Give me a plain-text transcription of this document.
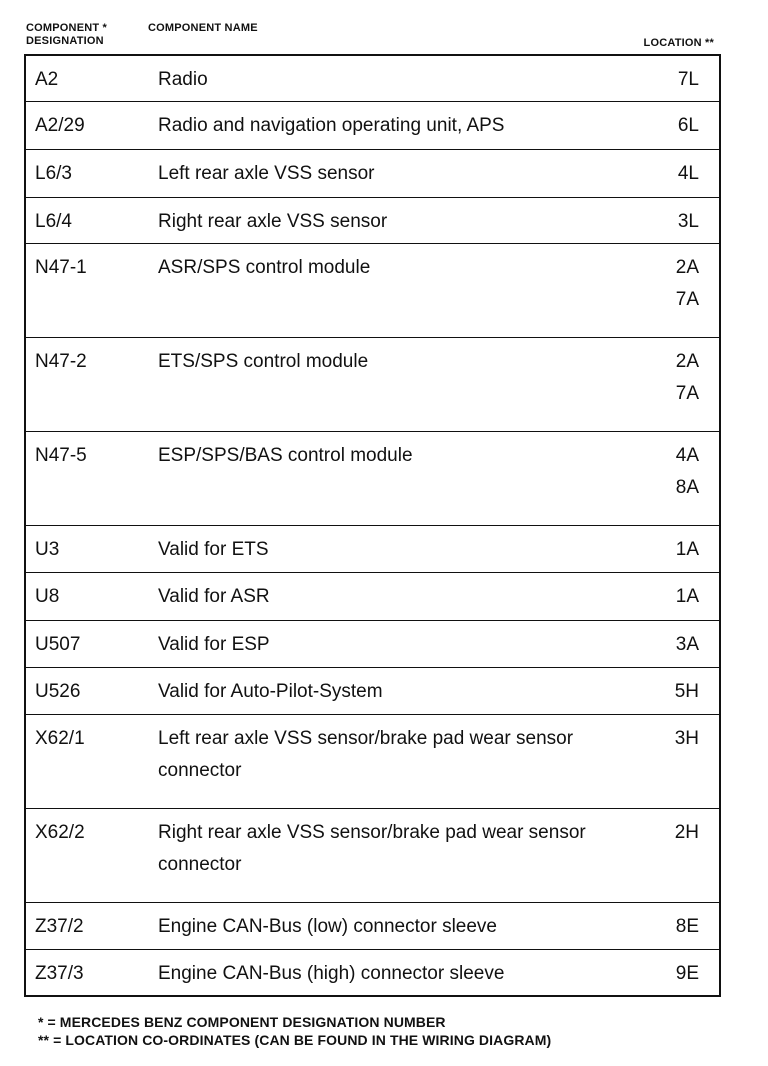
COMPONENT * DESIGNATION
COMPONENT NAME
LOCATION **
A2	Radio	7L

A2/29	Radio and navigation operating unit, APS	6L

L6/3	Left rear axle VSS sensor	4L

L6/4	Right rear axle VSS sensor	3L

N47-1	ASR/SPS control module	2A
7A

N47-2	ETS/SPS control module	2A
7A

N47-5	ESP/SPS/BAS control module	4A
8A

U3	Valid for ETS	1A

U8	Valid for ASR	1A

U507	Valid for ESP	3A

U526	Valid for Auto-Pilot-System	5H

X62/1	Left rear axle VSS sensor/brake pad wear sensor connector	3H

X62/2	Right rear axle VSS sensor/brake pad wear sensor connector	2H

Z37/2	Engine CAN-Bus (low) connector sleeve	8E

Z37/3	Engine CAN-Bus (high) connector sleeve	9E
* = MERCEDES BENZ COMPONENT DESIGNATION NUMBER
** = LOCATION CO-ORDINATES (CAN BE FOUND IN THE WIRING DIAGRAM)
